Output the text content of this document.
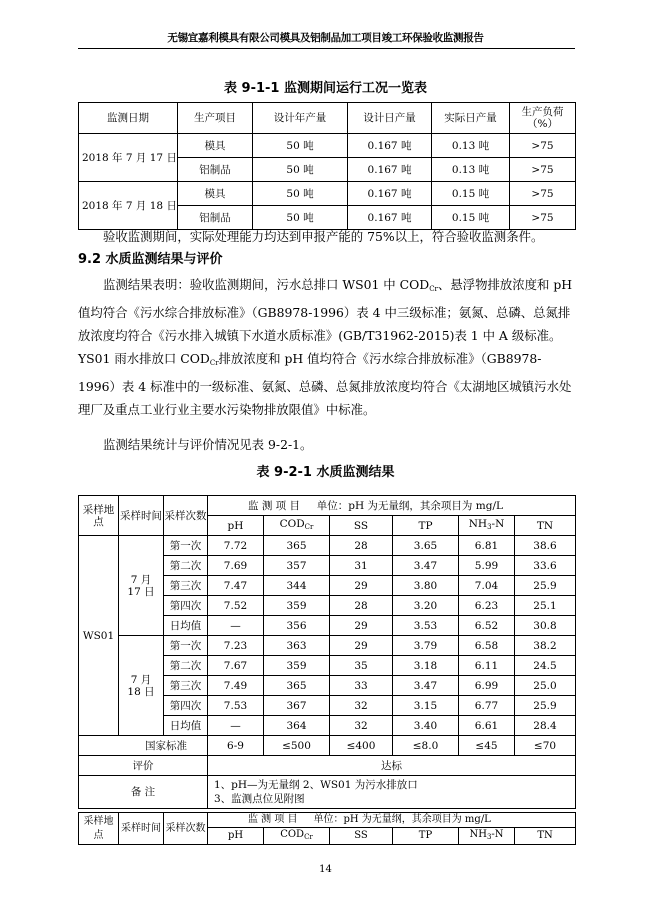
无锡宜嘉利模具有限公司模具及铝制品加工项目竣工环保验收监测报告
表 9-1-1 监测期间运行工况一览表
监测日期	生产项目	设计年产量	设计日产量	实际日产量	生产负荷（%）
2018 年 7 月 17 日	模具	50 吨	0.167 吨	0.13 吨	>75
	铝制品	50 吨	0.167 吨	0.13 吨	>75
2018 年 7 月 18 日	模具	50 吨	0.167 吨	0.15 吨	>75
	铝制品	50 吨	0.167 吨	0.15 吨	>75
验收监测期间，实际处理能力均达到申报产能的 75%以上，符合验收监测条件。
9.2 水质监测结果与评价
监测结果表明：验收监测期间，污水总排口 WS01 中 $COD_{Cr}$、悬浮物排放浓度和 pH 值均符合《污水综合排放标准》（GB8978-1996）表 4 中三级标准；氨氮、总磷、总氮排放浓度均符合《污水排入城镇下水道水质标准》(GB/T31962-2015)表 1 中 A 级标准。YS01 雨水排放口 $COD_{Cr}$排放浓度和 pH 值均符合《污水综合排放标准》（GB8978-1996）表 4 标准中的一级标准、氨氮、总磷、总氮排放浓度均符合《太湖地区城镇污水处理厂及重点工业行业主要水污染物排放限值》中标准。
监测结果统计与评价情况见表 9-2-1。
表 9-2-1 水质监测结果
采样地点	采样时间	采样次数	监 测 项 目 单位：pH 为无量纲，其余项目为 mg/L					
			pH	$COD_{Cr}$	SS	TP	$NH_3-N$	TN
WS01	7 月 17 日	第一次	7.72	365	28	3.65	6.81	38.6
		第二次	7.69	357	31	3.47	5.99	33.6
		第三次	7.47	344	29	3.80	7.04	25.9
		第四次	7.52	359	28	3.20	6.23	25.1
		日均值	—	356	29	3.53	6.52	30.8
	7 月 18 日	第一次	7.23	363	29	3.79	6.58	38.2
		第二次	7.67	359	35	3.18	6.11	24.5
		第三次	7.49	365	33	3.47	6.99	25.0
		第四次	7.53	367	32	3.15	6.77	25.9
		日均值	—	364	32	3.40	6.61	28.4
国家标准			6-9	≤500	≤400	≤8.0	≤45	≤70
评价			达标					
备 注			1、pH—为无量纲 2、WS01 为污水排放口
3、监测点位见附图					
采样地点	采样时间	采样次数	监 测 项 目 单位：pH 为无量纲，其余项目为 mg/L					
			pH	$COD_{Cr}$	SS	TP	$NH_3-N$	TN
14
